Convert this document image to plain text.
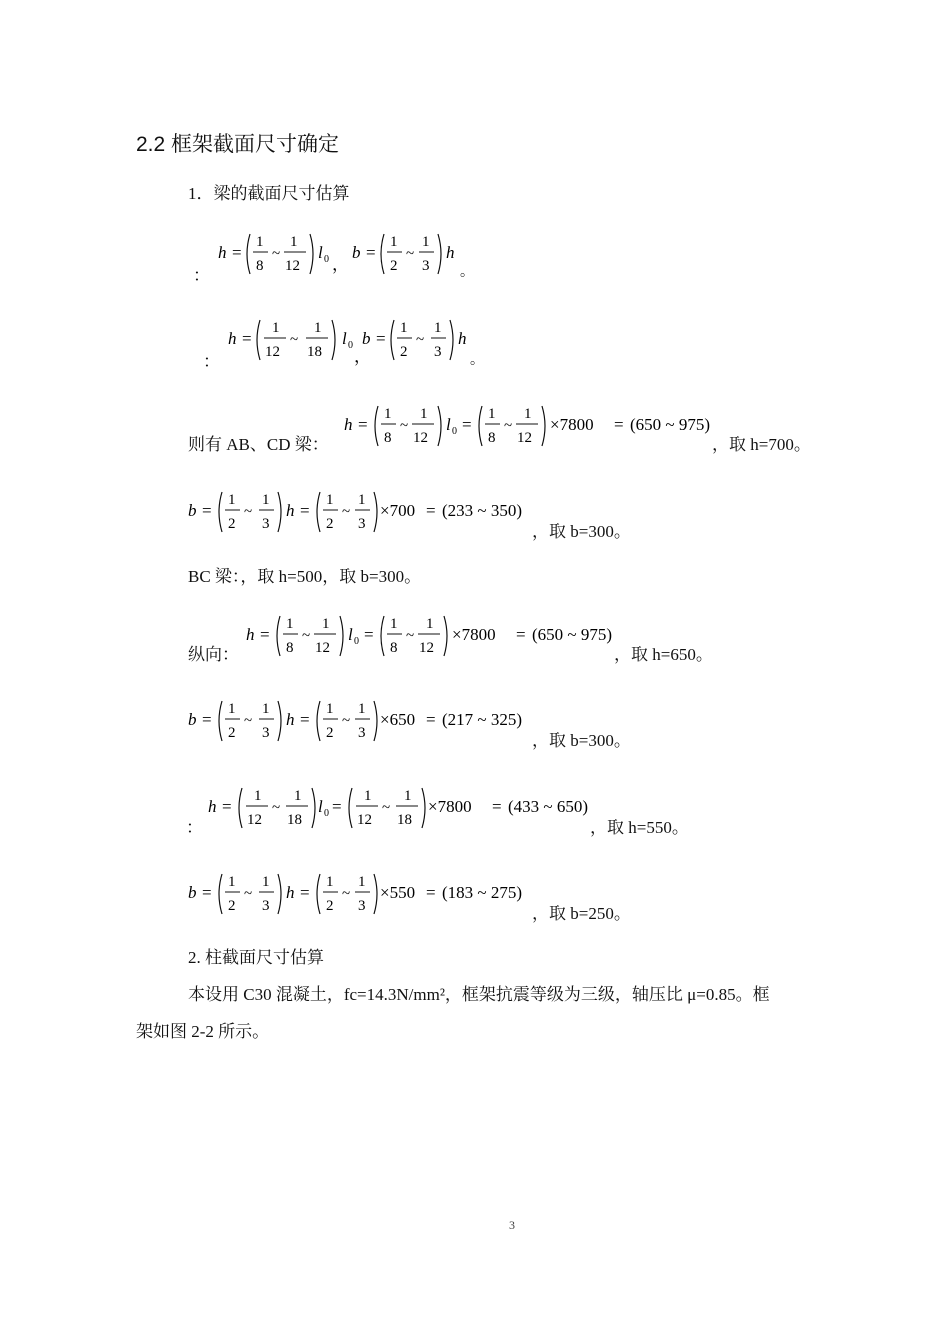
2.2 框架截面尺寸确定
1．梁的截面尺寸估算
：
h =
1
8
~
1
12
l 0 ，
b =
1
2
~
1
3
h
。
：
h =
1
12
~
1
18
l 0
，
b =
1
2
~
1
3
h
。
则有 AB、CD 梁：
h =
1
8
~
1
12
l 0 =
1
8
~
1
12
×7800 = (650 ~ 975)
，取 h=700。
b =
1
2
~
1
3
h =
1
2
~
1
3
×700 = (233 ~ 350)
，取 b=300。
BC 梁：，取 h=500，取 b=300。
纵向：
h =
1
8
~
1
12
l 0 =
1
8
~
1
12
×7800 = (650 ~ 975)
，取 h=650。
b =
1
2
~
1
3
h =
1
2
~
1
3
×650 = (217 ~ 325)
，取 b=300。
：
h =
1
12
~
1
18
l 0 =
1
12
~
1
18
×7800 = (433 ~ 650)
，取 h=550。
b =
1
2
~
1
3
h =
1
2
~
1
3
×550 = (183 ~ 275)
，取 b=250。
2. 柱截面尺寸估算
本设用 C30 混凝土，fc=14.3N/mm²，框架抗震等级为三级，轴压比 μ=0.85。框
架如图 2-2 所示。
3
